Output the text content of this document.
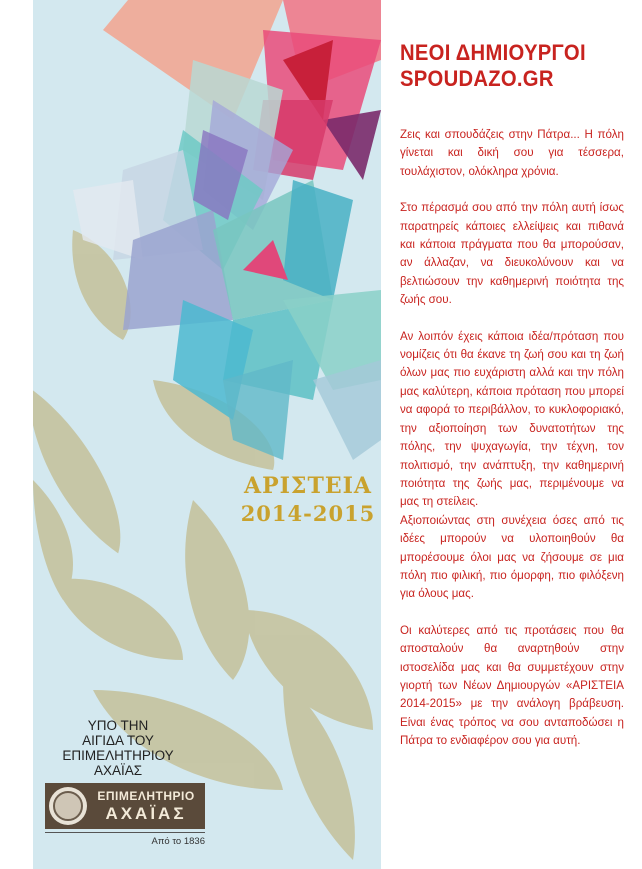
ΑΡΙΣΤΕΙΑ
2014-2015
ΥΠΟ ΤΗΝ
ΑΙΓΙΔΑ ΤΟΥ
ΕΠΙΜΕΛΗΤΗΡΙΟΥ
ΑΧΑΪΑΣ
ΕΠΙΜΕΛΗΤΗΡΙΟ
ΑΧΑΪΑΣ
Από το 1836
ΝΕΟΙ ΔΗΜΙΟΥΡΓΟΙ
SPOUDAZO.GR

Ζεις και σπουδάζεις στην Πάτρα... Η πόλη γίνεται και δική σου για τέσσερα, τουλάχιστον, ολόκληρα χρόνια.

Στο πέρασμά σου από την πόλη αυτή ίσως παρατηρείς κάποιες ελλείψεις και πιθανά και κάποια πράγματα που θα μπορούσαν, αν άλλαζαν, να διευκολύνουν και να βελτιώσουν την καθημερινή ποιότητα της ζωής σου.

Αν λοιπόν έχεις κάποια ιδέα/πρόταση που νομίζεις ότι θα έκανε τη ζωή σου και τη ζωή όλων μας πιο ευχάριστη αλλά και την πόλη μας καλύτερη, κάποια πρόταση που μπορεί να αφορά το περιβάλλον, το κυκλοφοριακό, την αξιοποίηση των δυνατοτήτων της πόλης, την ψυχαγωγία, την τέχνη, τον πολιτισμό, την ανάπτυξη, την καθημερινή ποιότητα της ζωής μας, περιμένουμε να μας τη στείλεις.

Αξιοποιώντας στη συνέχεια όσες από τις ιδέες μπορούν να υλοποιηθούν θα μπορέσουμε όλοι μας να ζήσουμε σε μια πόλη πιο φιλική, πιο όμορφη, πιο φιλόξενη για όλους μας.

Οι καλύτερες από τις προτάσεις που θα αποσταλούν θα αναρτηθούν στην ιστοσελίδα μας και θα συμμετέχουν στην γιορτή των Νέων Δημιουργών «ΑΡΙΣΤΕΙΑ 2014-2015» με την ανάλογη βράβευση. Είναι ένας τρόπος να σου ανταποδώσει η Πάτρα το ενδιαφέρον σου για αυτή.
